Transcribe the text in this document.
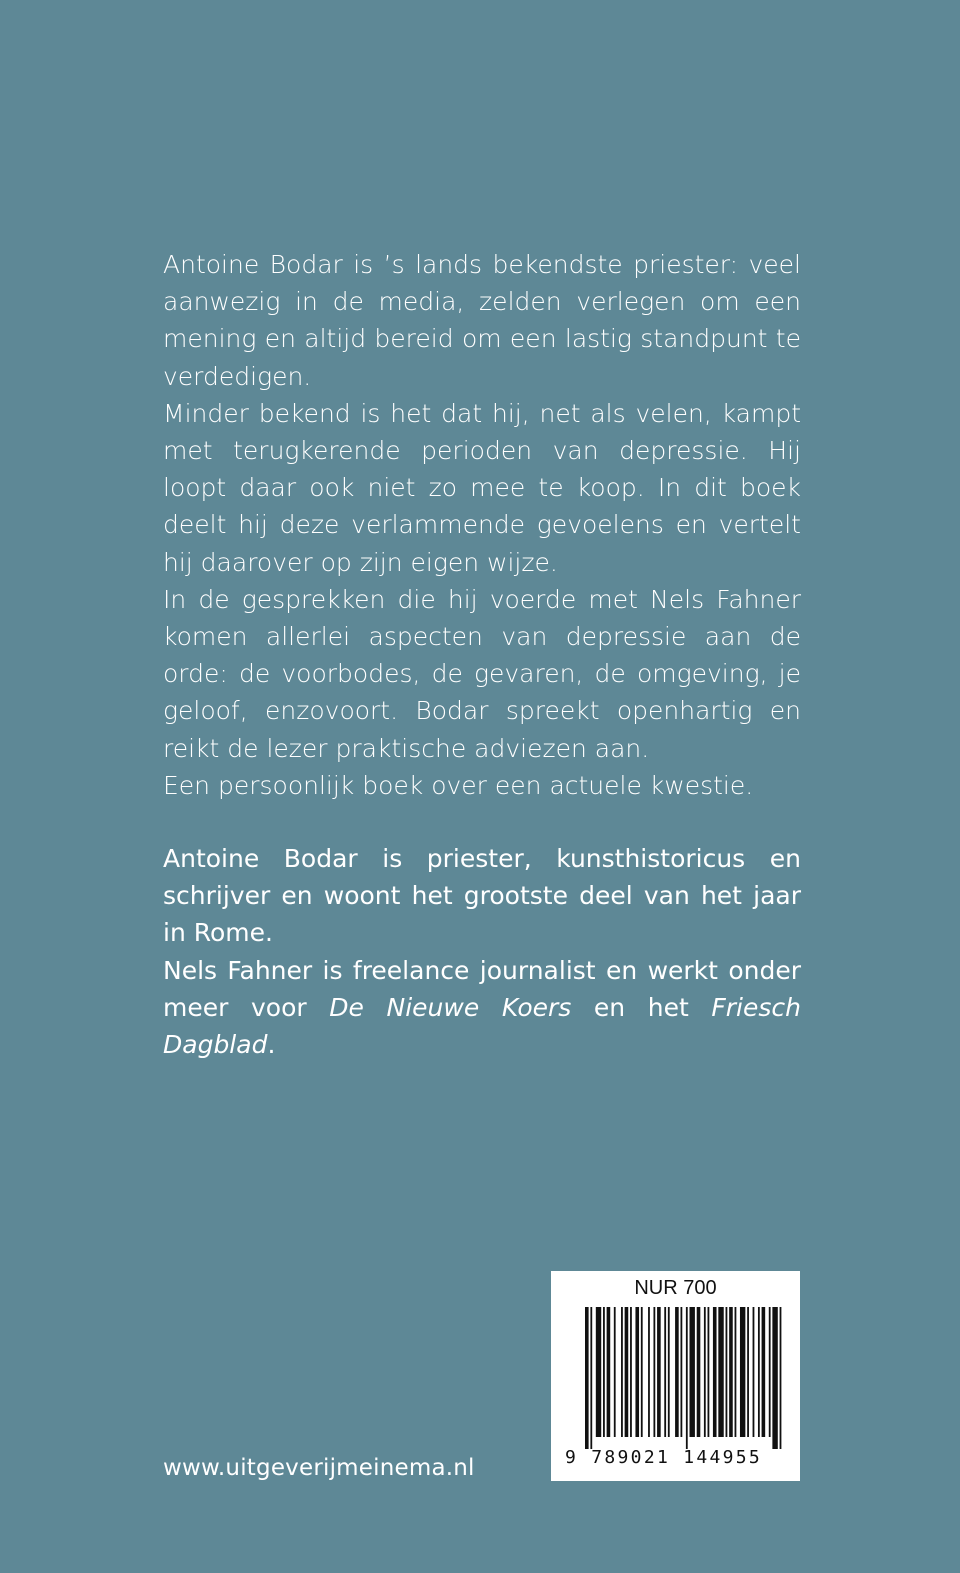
Antoine Bodar is ’s lands bekendste priester: veel aanwezig in de media, zelden verlegen om een mening en altijd bereid om een lastig standpunt te verdedigen.

Minder bekend is het dat hij, net als velen, kampt met terugkerende perioden van depressie. Hij loopt daar ook niet zo mee te koop. In dit boek deelt hij deze verlammende gevoelens en vertelt hij daarover op zijn eigen wijze.

In de gesprekken die hij voerde met Nels Fahner komen allerlei aspecten van depressie aan de orde: de voorbodes, de gevaren, de omgeving, je geloof, enzovoort. Bodar spreekt openhartig en reikt de lezer praktische adviezen aan.

Een persoonlijk boek over een actuele kwestie.

Antoine Bodar is priester, kunsthistoricus en schrijver en woont het grootste deel van het jaar in Rome.

Nels Fahner is freelance journalist en werkt onder meer voor De Nieuwe Koers en het Friesch Dagblad.

www.uitgeverijmeinema.nl
NUR 700
9 789021 144955
